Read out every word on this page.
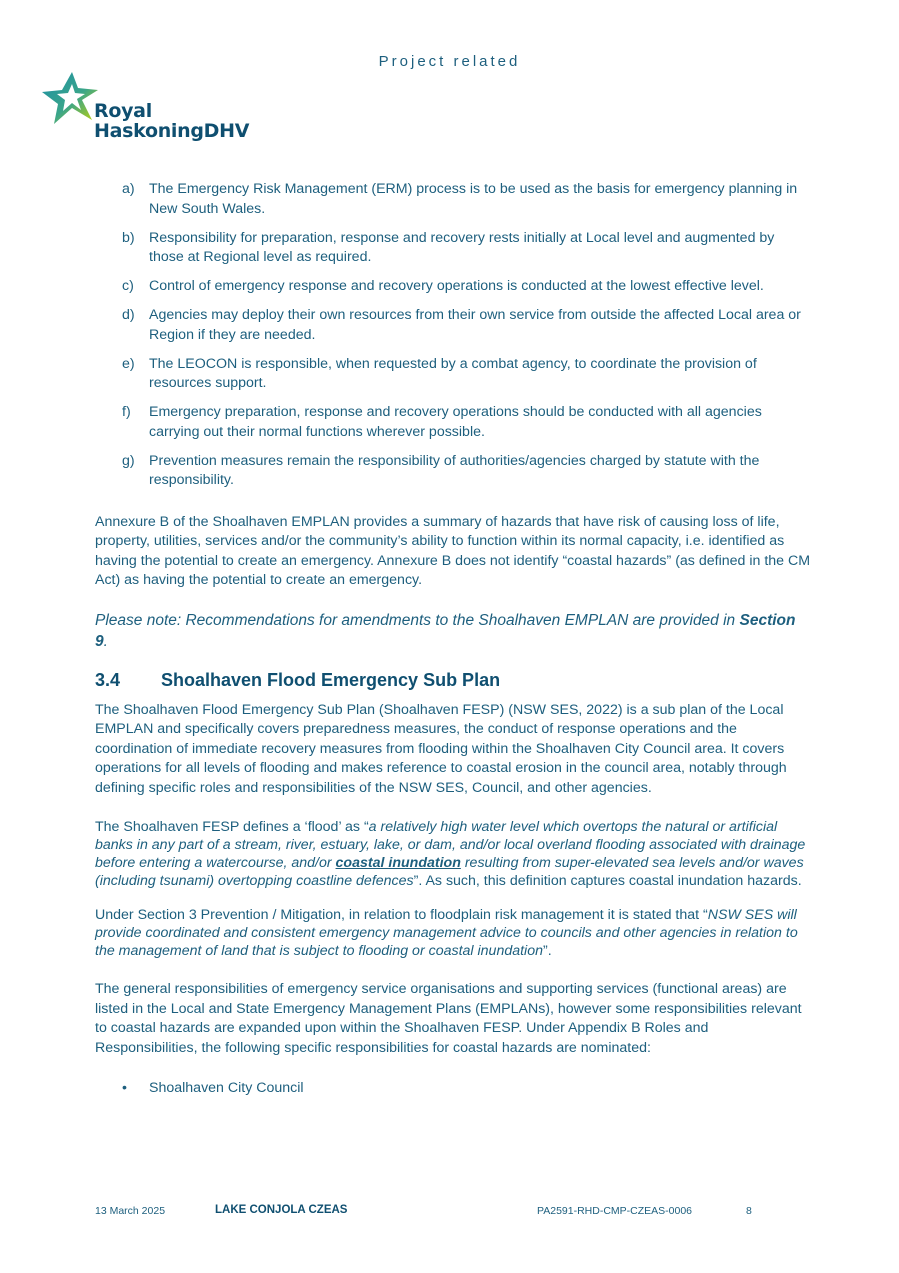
Project related
Royal
HaskoningDHV
a) The Emergency Risk Management (ERM) process is to be used as the basis for emergency planning in New South Wales.
b) Responsibility for preparation, response and recovery rests initially at Local level and augmented by those at Regional level as required.
c) Control of emergency response and recovery operations is conducted at the lowest effective level.
d) Agencies may deploy their own resources from their own service from outside the affected Local area or Region if they are needed.
e) The LEOCON is responsible, when requested by a combat agency, to coordinate the provision of resources support.
f) Emergency preparation, response and recovery operations should be conducted with all agencies carrying out their normal functions wherever possible.
g) Prevention measures remain the responsibility of authorities/agencies charged by statute with the responsibility.

Annexure B of the Shoalhaven EMPLAN provides a summary of hazards that have risk of causing loss of life, property, utilities, services and/or the community’s ability to function within its normal capacity, i.e. identified as having the potential to create an emergency. Annexure B does not identify “coastal hazards” (as defined in the CM Act) as having the potential to create an emergency.

Please note: Recommendations for amendments to the Shoalhaven EMPLAN are provided in Section 9.

3.4 Shoalhaven Flood Emergency Sub Plan

The Shoalhaven Flood Emergency Sub Plan (Shoalhaven FESP) (NSW SES, 2022) is a sub plan of the Local EMPLAN and specifically covers preparedness measures, the conduct of response operations and the coordination of immediate recovery measures from flooding within the Shoalhaven City Council area. It covers operations for all levels of flooding and makes reference to coastal erosion in the council area, notably through defining specific roles and responsibilities of the NSW SES, Council, and other agencies.

The Shoalhaven FESP defines a ‘flood’ as “a relatively high water level which overtops the natural or artificial banks in any part of a stream, river, estuary, lake, or dam, and/or local overland flooding associated with drainage before entering a watercourse, and/or coastal inundation resulting from super-elevated sea levels and/or waves (including tsunami) overtopping coastline defences”. As such, this definition captures coastal inundation hazards.

Under Section 3 Prevention / Mitigation, in relation to floodplain risk management it is stated that “NSW SES will provide coordinated and consistent emergency management advice to councils and other agencies in relation to the management of land that is subject to flooding or coastal inundation”.

The general responsibilities of emergency service organisations and supporting services (functional areas) are listed in the Local and State Emergency Management Plans (EMPLANs), however some responsibilities relevant to coastal hazards are expanded upon within the Shoalhaven FESP. Under Appendix B Roles and Responsibilities, the following specific responsibilities for coastal hazards are nominated:

• Shoalhaven City Council
13 March 2025	LAKE CONJOLA CZEAS	PA2591-RHD-CMP-CZEAS-0006	8
